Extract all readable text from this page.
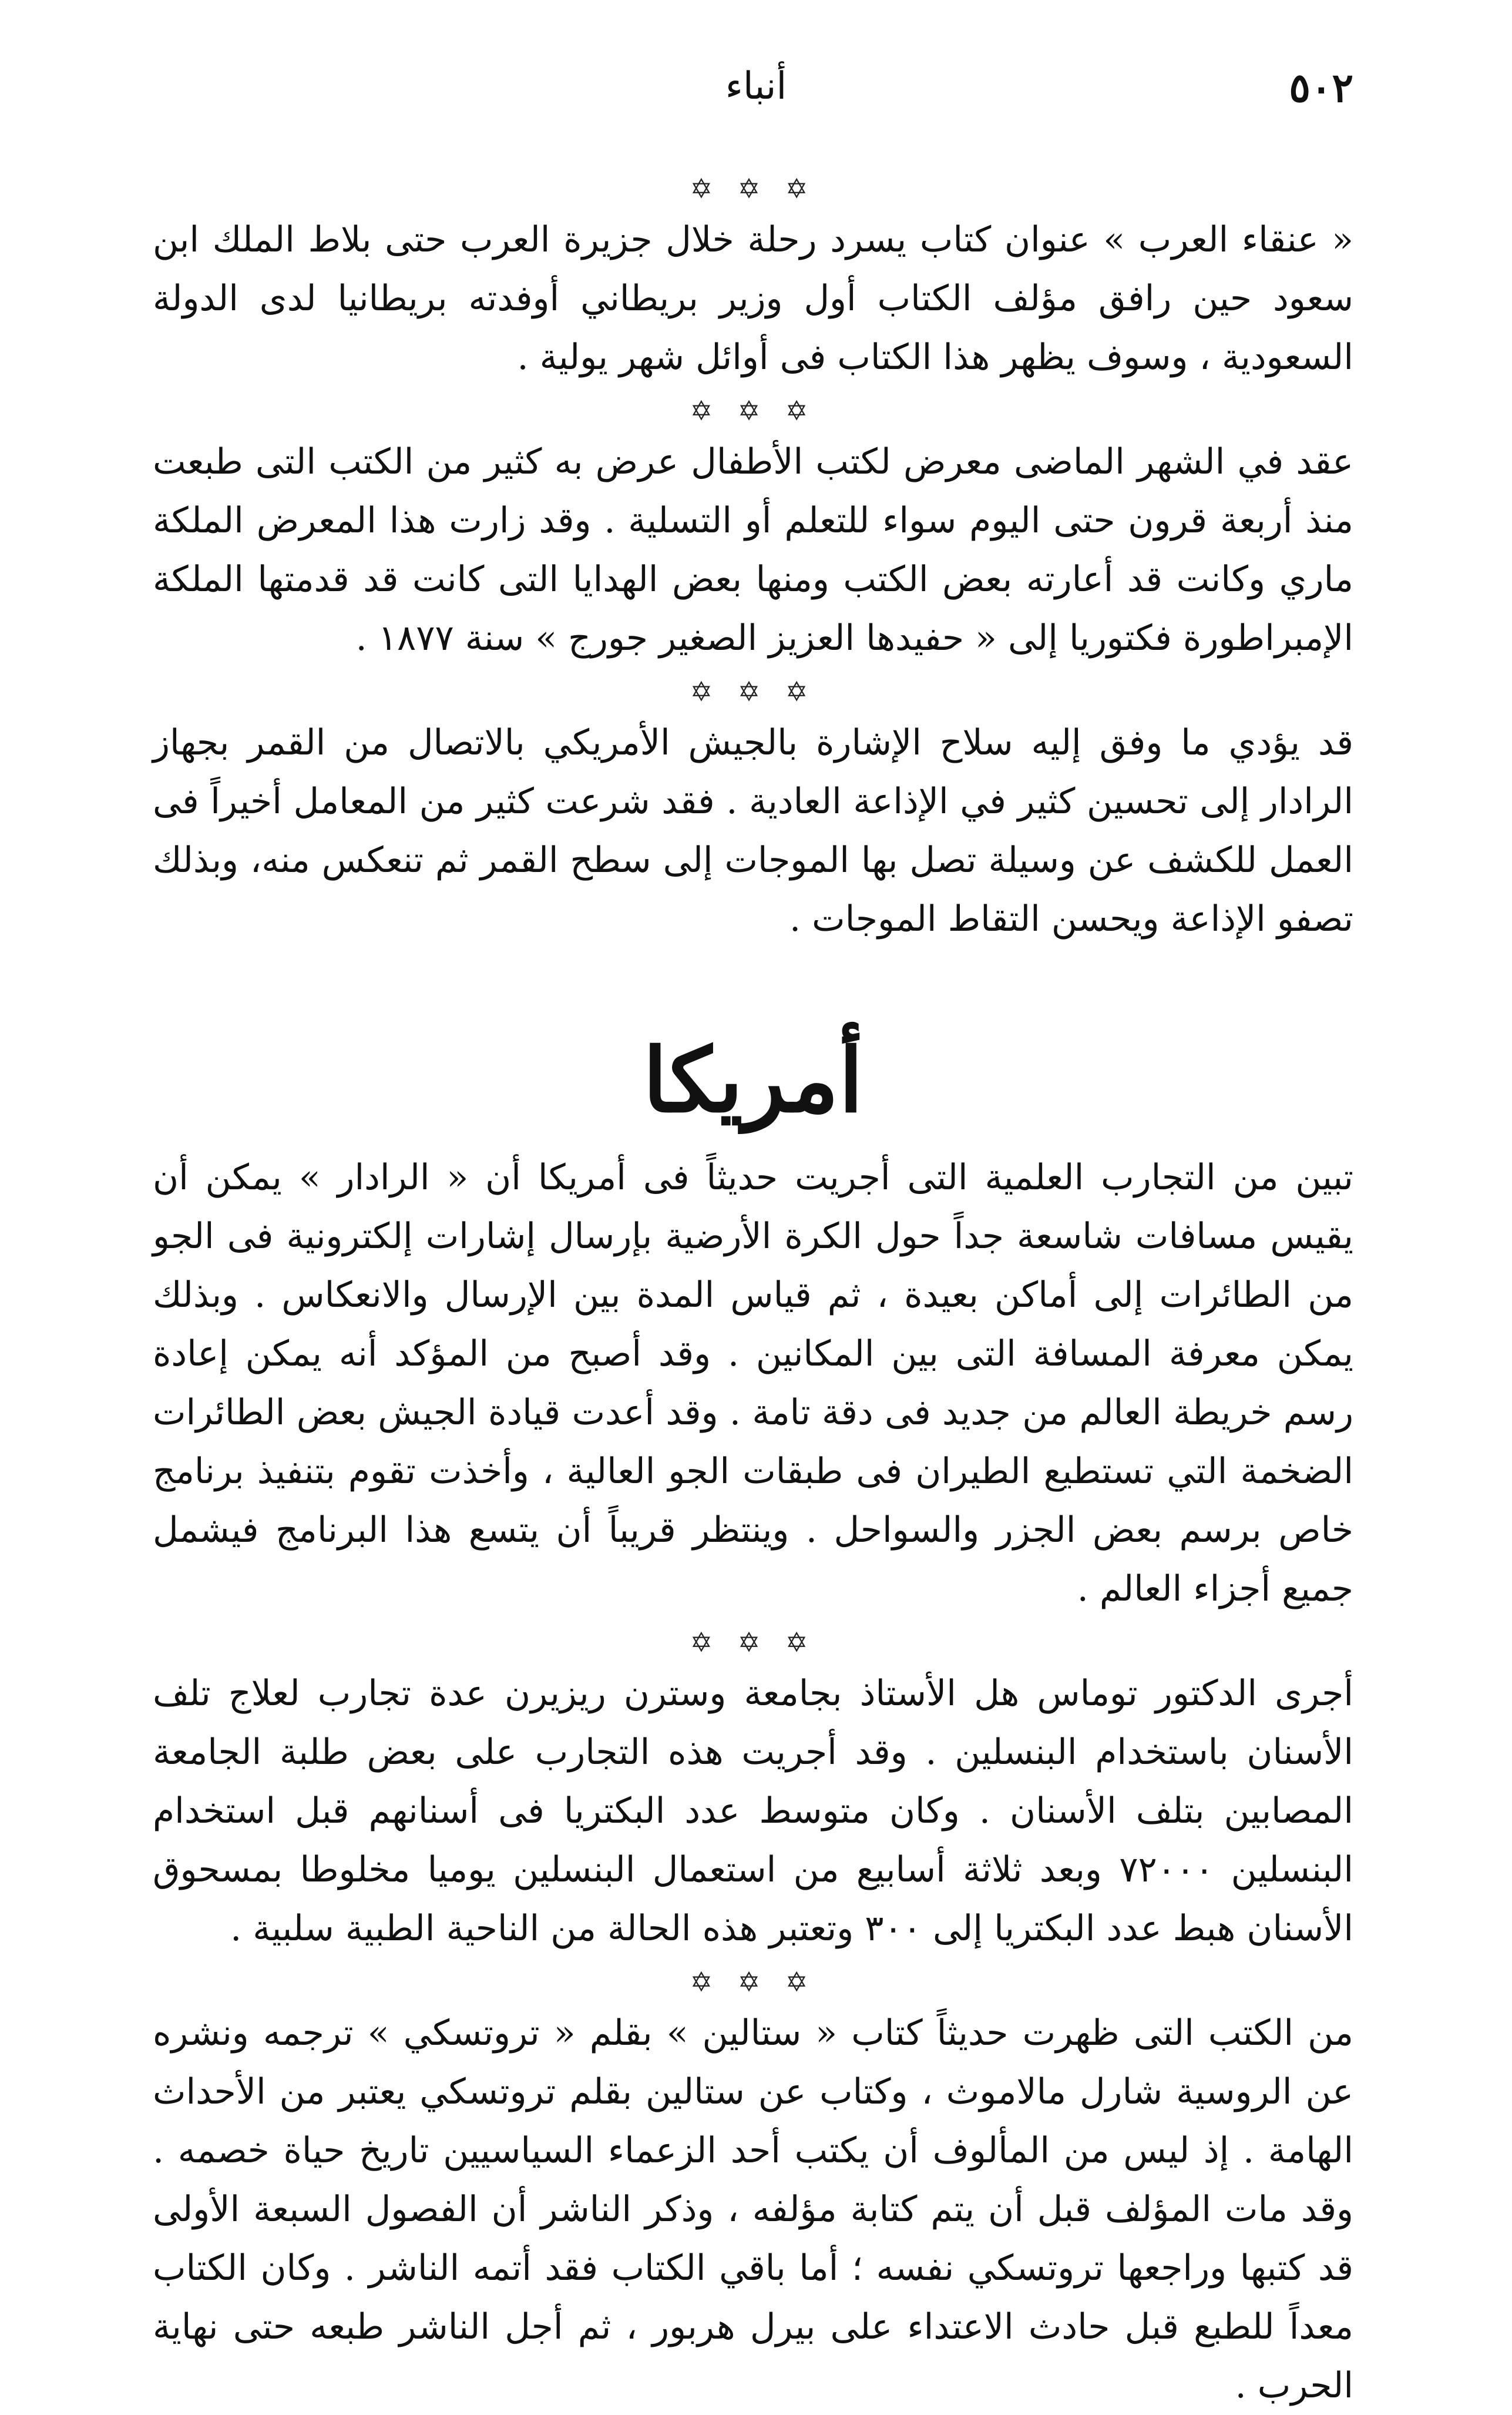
٥٠٢
أنباء
✡ ✡ ✡

« عنقاء العرب » عنوان كتاب يسرد رحلة خلال جزيرة العرب حتى بلاط الملك ابن سعود حين رافق مؤلف الكتاب أول وزير بريطاني أوفدته بريطانيا لدى الدولة السعودية ، وسوف يظهر هذا الكتاب فى أوائل شهر يولية .

✡ ✡ ✡

عقد في الشهر الماضى معرض لكتب الأطفال عرض به كثير من الكتب التى طبعت منذ أربعة قرون حتى اليوم سواء للتعلم أو التسلية . وقد زارت هذا المعرض الملكة ماري وكانت قد أعارته بعض الكتب ومنها بعض الهدايا التى كانت قد قدمتها الملكة الإمبراطورة فكتوريا إلى « حفيدها العزيز الصغير جورج » سنة ١٨٧٧ .

✡ ✡ ✡

قد يؤدي ما وفق إليه سلاح الإشارة بالجيش الأمريكي بالاتصال من القمر بجهاز الرادار إلى تحسين كثير في الإذاعة العادية . فقد شرعت كثير من المعامل أخيراً فى العمل للكشف عن وسيلة تصل بها الموجات إلى سطح القمر ثم تنعكس منه، وبذلك تصفو الإذاعة ويحسن التقاط الموجات .

أمريكا

تبين من التجارب العلمية التى أجريت حديثاً فى أمريكا أن « الرادار » يمكن أن يقيس مسافات شاسعة جداً حول الكرة الأرضية بإرسال إشارات إلكترونية فى الجو من الطائرات إلى أماكن بعيدة ، ثم قياس المدة بين الإرسال والانعكاس . وبذلك يمكن معرفة المسافة التى بين المكانين . وقد أصبح من المؤكد أنه يمكن إعادة رسم خريطة العالم من جديد فى دقة تامة . وقد أعدت قيادة الجيش بعض الطائرات الضخمة التي تستطيع الطيران فى طبقات الجو العالية ، وأخذت تقوم بتنفيذ برنامج خاص برسم بعض الجزر والسواحل . وينتظر قريباً أن يتسع هذا البرنامج فيشمل جميع أجزاء العالم .

✡ ✡ ✡

أجرى الدكتور توماس هل الأستاذ بجامعة وسترن ريزيرن عدة تجارب لعلاج تلف الأسنان باستخدام البنسلين . وقد أجريت هذه التجارب على بعض طلبة الجامعة المصابين بتلف الأسنان . وكان متوسط عدد البكتريا فى أسنانهم قبل استخدام البنسلين ٧٢٠٠٠ وبعد ثلاثة أسابيع من استعمال البنسلين يوميا مخلوطا بمسحوق الأسنان هبط عدد البكتريا إلى ٣٠٠ وتعتبر هذه الحالة من الناحية الطبية سلبية .

✡ ✡ ✡

من الكتب التى ظهرت حديثاً كتاب « ستالين » بقلم « تروتسكي » ترجمه ونشره عن الروسية شارل مالاموث ، وكتاب عن ستالين بقلم تروتسكي يعتبر من الأحداث الهامة . إذ ليس من المألوف أن يكتب أحد الزعماء السياسيين تاريخ حياة خصمه . وقد مات المؤلف قبل أن يتم كتابة مؤلفه ، وذكر الناشر أن الفصول السبعة الأولى قد كتبها وراجعها تروتسكي نفسه ؛ أما باقي الكتاب فقد أتمه الناشر . وكان الكتاب معداً للطبع قبل حادث الاعتداء على بيرل هربور ، ثم أجل الناشر طبعه حتى نهاية الحرب .
